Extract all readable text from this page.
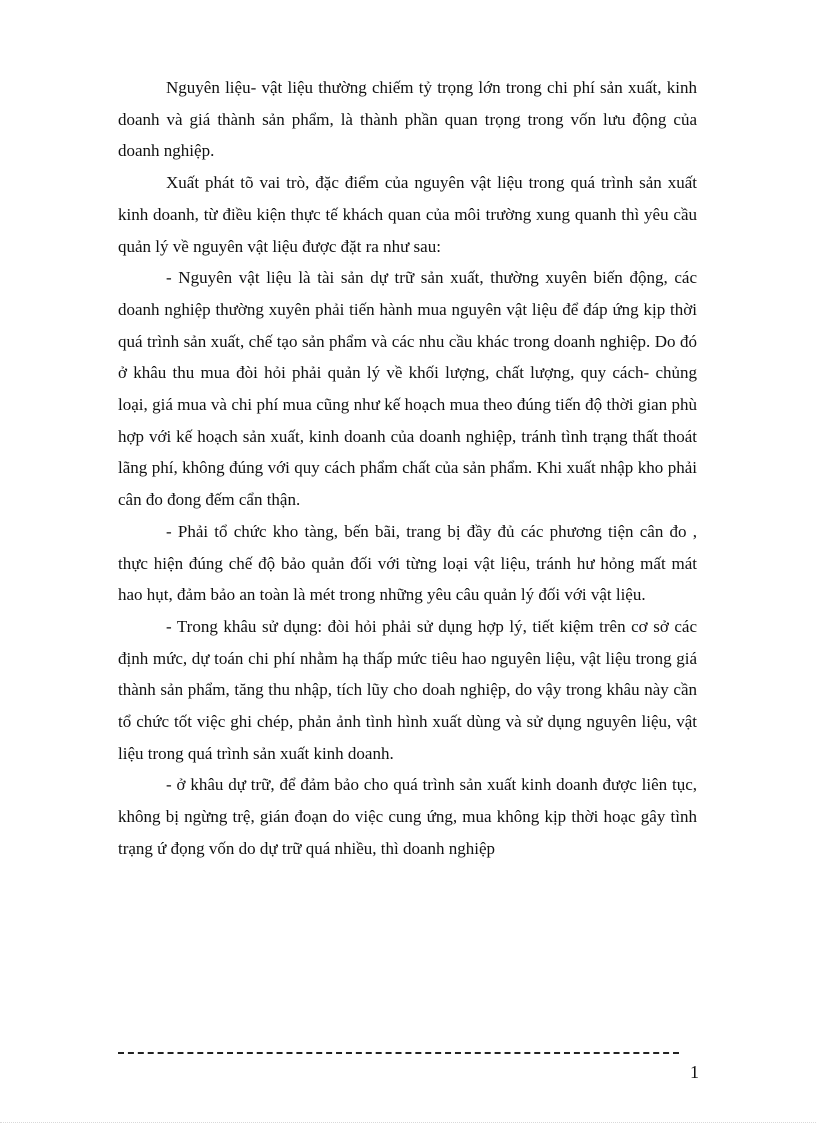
Nguyên liệu- vật liệu thường chiếm tỷ trọng lớn trong chi phí sản xuất, kinh doanh và giá thành sản phẩm, là thành phần quan trọng trong vốn lưu động của doanh nghiệp.

Xuất phát tõ vai trò, đặc điểm của nguyên vật liệu trong quá trình sản xuất kinh doanh, từ điều kiện thực tế khách quan của môi trường xung quanh thì yêu cầu quản lý về nguyên vật liệu được đặt ra như sau:

- Nguyên vật liệu là tài sản dự trữ sản xuất, thường xuyên biến động, các doanh nghiệp thường xuyên phải tiến hành mua nguyên vật liệu để đáp ứng kịp thời quá trình sản xuất, chế tạo sản phẩm và các nhu cầu khác trong doanh nghiệp. Do đó ở khâu thu mua đòi hỏi phải quản lý về khối lượng, chất lượng, quy cách- chủng loại, giá mua và chi phí mua cũng như kế hoạch mua theo đúng tiến độ thời gian phù hợp với kế hoạch sản xuất, kinh doanh của doanh nghiệp, tránh tình trạng thất thoát lãng phí, không đúng với quy cách phẩm chất của sản phẩm. Khi xuất nhập kho phải cân đo đong đếm cẩn thận.

- Phải tổ chức kho tàng, bến bãi, trang bị đầy đủ các phương tiện cân đo , thực hiện đúng chế độ bảo quản đối với từng loại vật liệu, tránh hư hỏng mất mát hao hụt, đảm bảo an toàn là mét trong những yêu câu quản lý đối với vật liệu.

- Trong khâu sử dụng: đòi hỏi phải sử dụng hợp lý, tiết kiệm trên cơ sở các định mức, dự toán chi phí nhằm hạ thấp mức tiêu hao nguyên liệu, vật liệu trong giá thành sản phẩm, tăng thu nhập, tích lũy cho doah nghiệp, do vậy trong khâu này cần tổ chức tốt việc ghi chép, phản ảnh tình hình xuất dùng và sử dụng nguyên liệu, vật liệu trong quá trình sản xuất kinh doanh.

- ở khâu dự trữ, để đảm bảo cho quá trình sản xuất kinh doanh được liên tục, không bị ngừng trệ, gián đoạn do việc cung ứng, mua không kịp thời hoạc gây tình trạng ứ đọng vốn do dự trữ quá nhiều, thì doanh nghiệp

1
